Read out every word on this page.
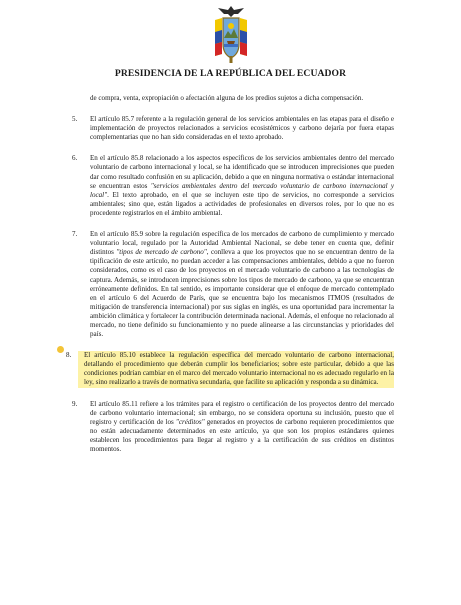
PRESIDENCIA DE LA REPÚBLICA DEL ECUADOR

de compra, venta, expropiación o afectación alguna de los predios sujetos a dicha compensación.

5. El artículo 85.7 referente a la regulación general de los servicios ambientales en las etapas para el diseño e implementación de proyectos relacionados a servicios ecosistémicos y carbono dejaría por fuera etapas complementarias que no han sido consideradas en el texto aprobado.
6. En el artículo 85.8 relacionado a los aspectos específicos de los servicios ambientales dentro del mercado voluntario de carbono internacional y local, se ha identificado que se introducen imprecisiones que pueden dar como resultado confusión en su aplicación, debido a que en ninguna normativa o estándar internacional se encuentran estos "servicios ambientales dentro del mercado voluntario de carbono internacional y local". El texto aprobado, en el que se incluyen este tipo de servicios, no corresponde a servicios ambientales; sino que, están ligados a actividades de profesionales en diversos roles, por lo que no es procedente registrarlos en el ámbito ambiental.
7. En el artículo 85.9 sobre la regulación específica de los mercados de carbono de cumplimiento y mercado voluntario local, regulado por la Autoridad Ambiental Nacional, se debe tener en cuenta que, definir distintos "tipos de mercado de carbono", conlleva a que los proyectos que no se encuentran dentro de la tipificación de este artículo, no puedan acceder a las compensaciones ambientales, debido a que no fueron considerados, como es el caso de los proyectos en el mercado voluntario de carbono a las tecnologías de captura. Además, se introducen imprecisiones sobre los tipos de mercado de carbono, ya que se encuentran erróneamente definidos. En tal sentido, es importante considerar que el enfoque de mercado contemplado en el artículo 6 del Acuerdo de París, que se encuentra bajo los mecanismos ITMOS (resultados de mitigación de transferencia internacional) por sus siglas en inglés, es una oportunidad para incrementar la ambición climática y fortalecer la contribución determinada nacional. Además, el enfoque no relacionado al mercado, no tiene definido su funcionamiento y no puede alinearse a las circunstancias y prioridades del país.
8. El artículo 85.10 establece la regulación específica del mercado voluntario de carbono internacional, detallando el procedimiento que deberán cumplir los beneficiarios; sobre este particular, debido a que las condiciones podrían cambiar en el marco del mercado voluntario internacional no es adecuado regularlo en la ley, sino realizarlo a través de normativa secundaria, que facilite su aplicación y responda a su dinámica.
9. El artículo 85.11 refiere a los trámites para el registro o certificación de los proyectos dentro del mercado de carbono voluntario internacional; sin embargo, no se considera oportuna su inclusión, puesto que el registro y certificación de los "créditos" generados en proyectos de carbono requieren procedimientos que no están adecuadamente determinados en este artículo, ya que son los propios estándares quienes establecen los procedimientos para llegar al registro y a la certificación de sus créditos en distintos momentos.
